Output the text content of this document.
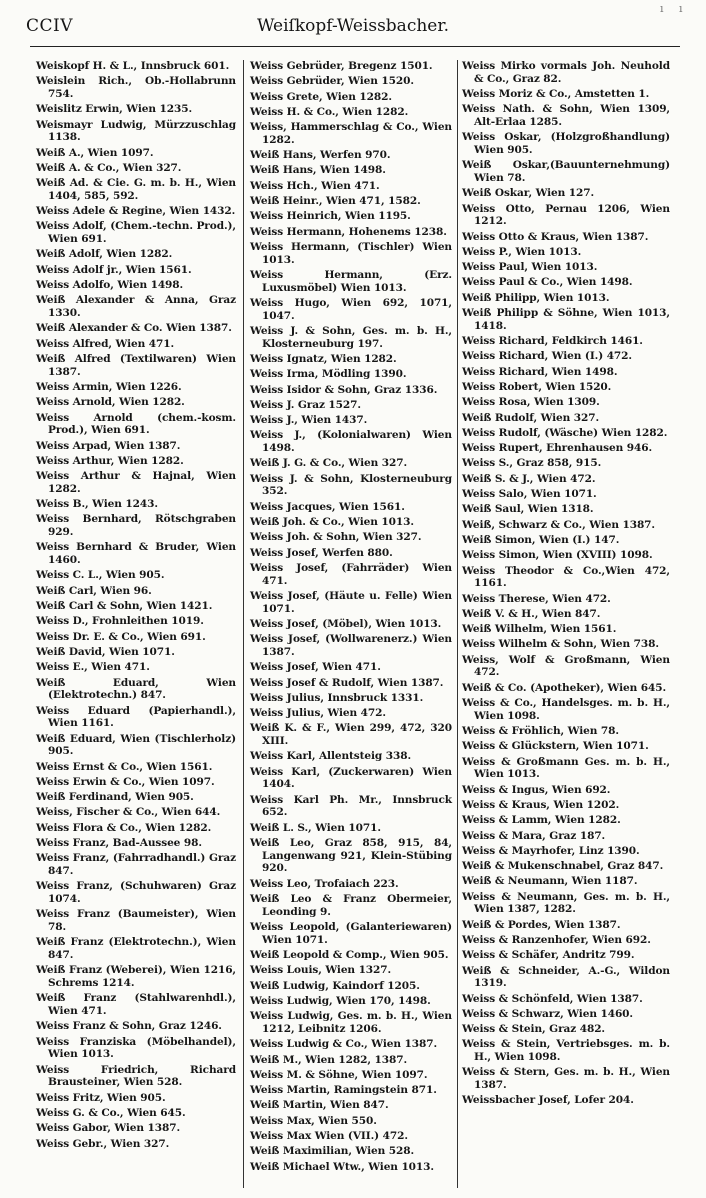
CCIV	Weiſkopf-Weissbacher.
ı ı

Weiskopf H. & L., Innsbruck 601.

Weislein Rich., Ob.-Hollabrunn 754.

Weislitz Erwin, Wien 1235.

Weismayr Ludwig, Mürzzuschlag 1138.

Weiß A., Wien 1097.

Weiß A. & Co., Wien 327.

Weiß Ad. & Cie. G. m. b. H., Wien 1404, 585, 592.

Weiss Adele & Regine, Wien 1432.

Weiss Adolf, (Chem.-techn. Prod.), Wien 691.

Weiß Adolf, Wien 1282.

Weiss Adolf jr., Wien 1561.

Weiss Adolfo, Wien 1498.

Weiß Alexander & Anna, Graz 1330.

Weiß Alexander & Co. Wien 1387.

Weiss Alfred, Wien 471.

Weiß Alfred (Textilwaren) Wien 1387.

Weiss Armin, Wien 1226.

Weiss Arnold, Wien 1282.

Weiss Arnold (chem.-kosm. Prod.), Wien 691.

Weiss Arpad, Wien 1387.

Weiss Arthur, Wien 1282.

Weiss Arthur & Hajnal, Wien 1282.

Weiss B., Wien 1243.

Weiss Bernhard, Rötschgraben 929.

Weiss Bernhard & Bruder, Wien 1460.

Weiss C. L., Wien 905.

Weiß Carl, Wien 96.

Weiß Carl & Sohn, Wien 1421.

Weiss D., Frohnleithen 1019.

Weiss Dr. E. & Co., Wien 691.

Weiß David, Wien 1071.

Weiss E., Wien 471.

Weiß Eduard, Wien (Elektrotechn.) 847.

Weiss Eduard (Papierhandl.), Wien 1161.

Weiß Eduard, Wien (Tischlerholz) 905.

Weiss Ernst & Co., Wien 1561.

Weiss Erwin & Co., Wien 1097.

Weiß Ferdinand, Wien 905.

Weiss, Fischer & Co., Wien 644.

Weiss Flora & Co., Wien 1282.

Weiss Franz, Bad-Aussee 98.

Weiss Franz, (Fahrradhandl.) Graz 847.

Weiss Franz, (Schuhwaren) Graz 1074.

Weiss Franz (Baumeister), Wien 78.

Weiß Franz (Elektrotechn.), Wien 847.

Weiß Franz (Weberei), Wien 1216, Schrems 1214.

Weiß Franz (Stahlwarenhdl.), Wien 471.

Weiss Franz & Sohn, Graz 1246.

Weiss Franziska (Möbelhandel), Wien 1013.

Weiss Friedrich, Richard Brausteiner, Wien 528.

Weiss Fritz, Wien 905.

Weiss G. & Co., Wien 645.

Weiss Gabor, Wien 1387.

Weiss Gebr., Wien 327.

Weiss Gebrüder, Bregenz 1501.

Weiss Gebrüder, Wien 1520.

Weiss Grete, Wien 1282.

Weiss H. & Co., Wien 1282.

Weiss, Hammerschlag & Co., Wien 1282.

Weiß Hans, Werfen 970.

Weiß Hans, Wien 1498.

Weiss Hch., Wien 471.

Weiß Heinr., Wien 471, 1582.

Weiss Heinrich, Wien 1195.

Weiss Hermann, Hohenems 1238.

Weiss Hermann, (Tischler) Wien 1013.

Weiss Hermann, (Erz. Luxusmöbel) Wien 1013.

Weiss Hugo, Wien 692, 1071, 1047.

Weiss J. & Sohn, Ges. m. b. H., Klosterneuburg 197.

Weiss Ignatz, Wien 1282.

Weiss Irma, Mödling 1390.

Weiss Isidor & Sohn, Graz 1336.

Weiss J. Graz 1527.

Weiss J., Wien 1437.

Weiss J., (Kolonialwaren) Wien 1498.

Weiß J. G. & Co., Wien 327.

Weiss J. & Sohn, Klosterneuburg 352.

Weiss Jacques, Wien 1561.

Weiß Joh. & Co., Wien 1013.

Weiss Joh. & Sohn, Wien 327.

Weiss Josef, Werfen 880.

Weiss Josef, (Fahrräder) Wien 471.

Weiss Josef, (Häute u. Felle) Wien 1071.

Weiss Josef, (Möbel), Wien 1013.

Weiss Josef, (Wollwarenerz.) Wien 1387.

Weiss Josef, Wien 471.

Weiss Josef & Rudolf, Wien 1387.

Weiss Julius, Innsbruck 1331.

Weiss Julius, Wien 472.

Weiß K. & F., Wien 299, 472, 320 XIII.

Weiss Karl, Allentsteig 338.

Weiss Karl, (Zuckerwaren) Wien 1404.

Weiss Karl Ph. Mr., Innsbruck 652.

Weiß L. S., Wien 1071.

Weiß Leo, Graz 858, 915, 84, Langenwang 921, Klein-Stübing 920.

Weiss Leo, Trofaiach 223.

Weiß Leo & Franz Obermeier, Leonding 9.

Weiss Leopold, (Galanteriewaren) Wien 1071.

Weiß Leopold & Comp., Wien 905.

Weiss Louis, Wien 1327.

Weiß Ludwig, Kaindorf 1205.

Weiss Ludwig, Wien 170, 1498.

Weiss Ludwig, Ges. m. b. H., Wien 1212, Leibnitz 1206.

Weiss Ludwig & Co., Wien 1387.

Weiß M., Wien 1282, 1387.

Weiss M. & Söhne, Wien 1097.

Weiss Martin, Ramingstein 871.

Weiß Martin, Wien 847.

Weiss Max, Wien 550.

Weiss Max Wien (VII.) 472.

Weiß Maximilian, Wien 528.

Weiß Michael Wtw., Wien 1013.

Weiss Mirko vormals Joh. Neuhold & Co., Graz 82.

Weiss Moriz & Co., Amstetten 1.

Weiss Nath. & Sohn, Wien 1309, Alt-Erlaa 1285.

Weiss Oskar, (Holzgroßhandlung) Wien 905.

Weiß Oskar,(Bauunternehmung) Wien 78.

Weiß Oskar, Wien 127.

Weiss Otto, Pernau 1206, Wien 1212.

Weiss Otto & Kraus, Wien 1387.

Weiss P., Wien 1013.

Weiss Paul, Wien 1013.

Weiss Paul & Co., Wien 1498.

Weiß Philipp, Wien 1013.

Weiß Philipp & Söhne, Wien 1013, 1418.

Weiss Richard, Feldkirch 1461.

Weiss Richard, Wien (I.) 472.

Weiss Richard, Wien 1498.

Weiss Robert, Wien 1520.

Weiss Rosa, Wien 1309.

Weiß Rudolf, Wien 327.

Weiss Rudolf, (Wäsche) Wien 1282.

Weiss Rupert, Ehrenhausen 946.

Weiss S., Graz 858, 915.

Weiß S. & J., Wien 472.

Weiss Salo, Wien 1071.

Weiß Saul, Wien 1318.

Weiß, Schwarz & Co., Wien 1387.

Weiß Simon, Wien (I.) 147.

Weiss Simon, Wien (XVIII) 1098.

Weiss Theodor & Co.,Wien 472, 1161.

Weiss Therese, Wien 472.

Weiß V. & H., Wien 847.

Weiß Wilhelm, Wien 1561.

Weiss Wilhelm & Sohn, Wien 738.

Weiss, Wolf & Großmann, Wien 472.

Weiß & Co. (Apotheker), Wien 645.

Weiss & Co., Handelsges. m. b. H., Wien 1098.

Weiss & Fröhlich, Wien 78.

Weiss & Glückstern, Wien 1071.

Weiss & Großmann Ges. m. b. H., Wien 1013.

Weiss & Ingus, Wien 692.

Weiss & Kraus, Wien 1202.

Weiss & Lamm, Wien 1282.

Weiss & Mara, Graz 187.

Weiss & Mayrhofer, Linz 1390.

Weiß & Mukenschnabel, Graz 847.

Weiß & Neumann, Wien 1187.

Weiss & Neumann, Ges. m. b. H., Wien 1387, 1282.

Weiß & Pordes, Wien 1387.

Weiss & Ranzenhofer, Wien 692.

Weiss & Schäfer, Andritz 799.

Weiß & Schneider, A.-G., Wildon 1319.

Weiss & Schönfeld, Wien 1387.

Weiss & Schwarz, Wien 1460.

Weiss & Stein, Graz 482.

Weiss & Stein, Vertriebsges. m. b. H., Wien 1098.

Weiss & Stern, Ges. m. b. H., Wien 1387.

Weissbacher Josef, Lofer 204.
